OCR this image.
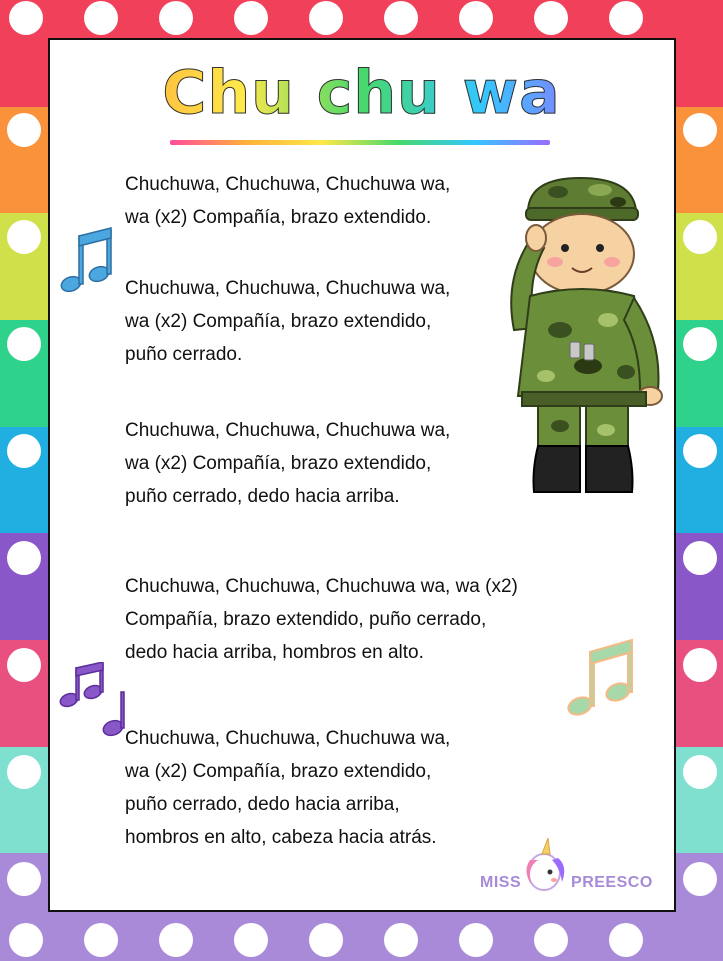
Chu chu wa
Chuchuwa, Chuchuwa, Chuchuwa wa,
wa (x2) Compañía, brazo extendido.
Chuchuwa, Chuchuwa, Chuchuwa wa,
wa (x2) Compañía, brazo extendido,
puño cerrado.
Chuchuwa, Chuchuwa, Chuchuwa wa,
wa (x2) Compañía, brazo extendido,
puño cerrado, dedo hacia arriba.
Chuchuwa, Chuchuwa, Chuchuwa wa, wa (x2)
Compañía, brazo extendido, puño cerrado,
dedo hacia arriba, hombros en alto.
Chuchuwa, Chuchuwa, Chuchuwa wa,
wa (x2) Compañía, brazo extendido,
puño cerrado, dedo hacia arriba,
hombros en alto, cabeza hacia atrás.
MISS	PREESCO
